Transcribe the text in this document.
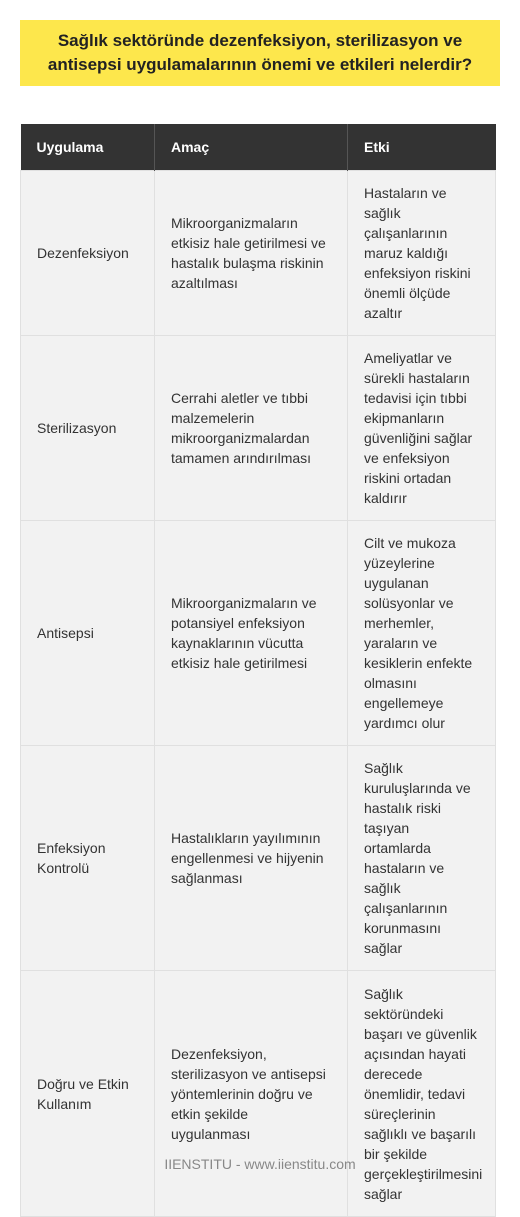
Sağlık sektöründe dezenfeksiyon, sterilizasyon ve antisepsi uygulamalarının önemi ve etkileri nelerdir?
Uygulama	Amaç	Etki
Dezenfeksiyon	Mikroorganizmaların etkisiz hale getirilmesi ve hastalık bulaşma riskinin azaltılması	Hastaların ve sağlık çalışanlarının maruz kaldığı enfeksiyon riskini önemli ölçüde azaltır
Sterilizasyon	Cerrahi aletler ve tıbbi malzemelerin mikroorganizmalardan tamamen arındırılması	Ameliyatlar ve sürekli hastaların tedavisi için tıbbi ekipmanların güvenliğini sağlar ve enfeksiyon riskini ortadan kaldırır
Antisepsi	Mikroorganizmaların ve potansiyel enfeksiyon kaynaklarının vücutta etkisiz hale getirilmesi	Cilt ve mukoza yüzeylerine uygulanan solüsyonlar ve merhemler, yaraların ve kesiklerin enfekte olmasını engellemeye yardımcı olur
Enfeksiyon Kontrolü	Hastalıkların yayılımının engellenmesi ve hijyenin sağlanması	Sağlık kuruluşlarında ve hastalık riski taşıyan ortamlarda hastaların ve sağlık çalışanlarının korunmasını sağlar
Doğru ve Etkin Kullanım	Dezenfeksiyon, sterilizasyon ve antisepsi yöntemlerinin doğru ve etkin şekilde uygulanması	Sağlık sektöründeki başarı ve güvenlik açısından hayati derecede önemlidir, tedavi süreçlerinin sağlıklı ve başarılı bir şekilde gerçekleştirilmesini sağlar
IIENSTITU - www.iienstitu.com
